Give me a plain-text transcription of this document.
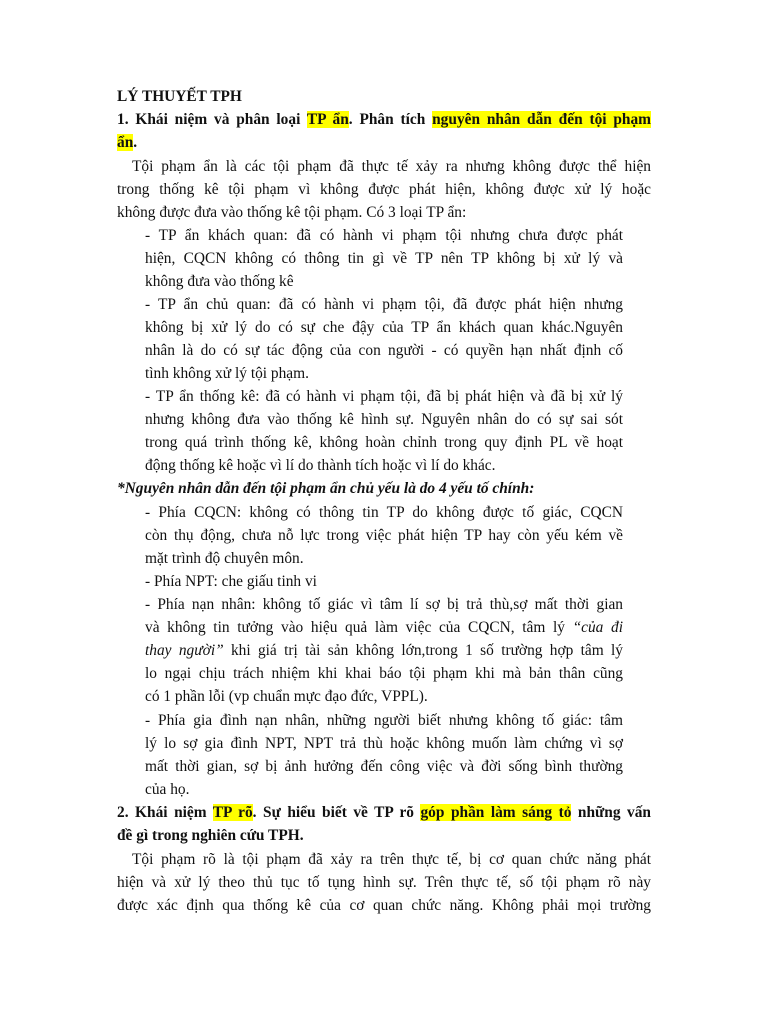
LÝ THUYẾT TPH
1. Khái niệm và phân loại TP ẩn. Phân tích nguyên nhân dẫn đến tội phạm
ẩn.
Tội phạm ẩn là các tội phạm đã thực tế xảy ra nhưng không được thể hiện
trong thống kê tội phạm vì không được phát hiện, không được xử lý hoặc
không được đưa vào thống kê tội phạm. Có 3 loại TP ẩn:
- TP ẩn khách quan: đã có hành vi phạm tội nhưng chưa được phát
hiện, CQCN không có thông tin gì về TP nên TP không bị xử lý và
không đưa vào thống kê
- TP ẩn chủ quan: đã có hành vi phạm tội, đã được phát hiện nhưng
không bị xử lý do có sự che đậy của TP ẩn khách quan khác.Nguyên
nhân là do có sự tác động của con người - có quyền hạn nhất định cố
tình không xử lý tội phạm.
- TP ẩn thống kê: đã có hành vi phạm tội, đã bị phát hiện và đã bị xử lý
nhưng không đưa vào thống kê hình sự. Nguyên nhân do có sự sai sót
trong quá trình thống kê, không hoàn chỉnh trong quy định PL về hoạt
động thống kê hoặc vì lí do thành tích hoặc vì lí do khác.
*Nguyên nhân dẫn đến tội phạm ẩn chủ yếu là do 4 yếu tố chính:
- Phía CQCN: không có thông tin TP do không được tố giác, CQCN
còn thụ động, chưa nỗ lực trong việc phát hiện TP hay còn yếu kém về
mặt trình độ chuyên môn.
- Phía NPT: che giấu tinh vi
- Phía nạn nhân: không tố giác vì tâm lí sợ bị trả thù,sợ mất thời gian
và không tin tưởng vào hiệu quả làm việc của CQCN, tâm lý “của đi
thay người” khi giá trị tài sản không lớn,trong 1 số trường hợp tâm lý
lo ngại chịu trách nhiệm khi khai báo tội phạm khi mà bản thân cũng
có 1 phần lỗi (vp chuẩn mực đạo đức, VPPL).
- Phía gia đình nạn nhân, những người biết nhưng không tố giác: tâm
lý lo sợ gia đình NPT, NPT trả thù hoặc không muốn làm chứng vì sợ
mất thời gian, sợ bị ảnh hưởng đến công việc và đời sống bình thường
của họ.
2. Khái niệm TP rõ. Sự hiểu biết về TP rõ góp phần làm sáng tỏ những vấn
đề gì trong nghiên cứu TPH.
Tội phạm rõ là tội phạm đã xảy ra trên thực tế, bị cơ quan chức năng phát
hiện và xử lý theo thủ tục tố tụng hình sự. Trên thực tế, số tội phạm rõ này
được xác định qua thống kê của cơ quan chức năng. Không phải mọi trường
